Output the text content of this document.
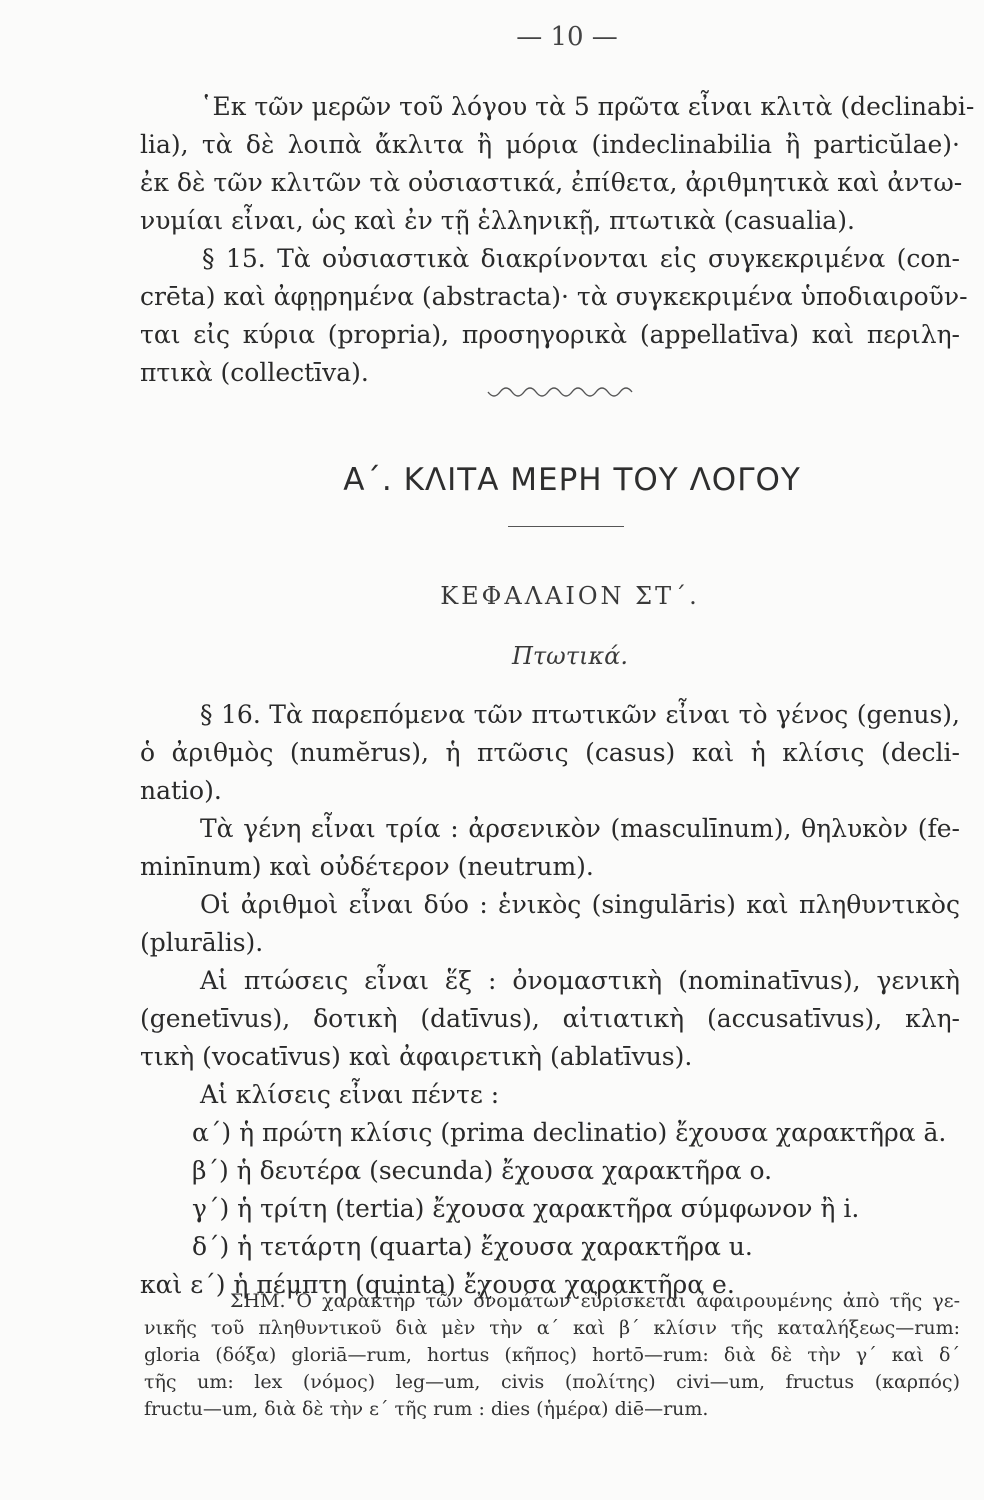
— 10 —
῾Εκ τῶν μερῶν τοῦ λόγου τὰ 5 πρῶτα εἶναι κλιτὰ (declinabi-
lia), τὰ δὲ λοιπὰ ἄκλιτα ἢ μόρια (indeclinabilia ἢ particŭlae)·
ἐκ δὲ τῶν κλιτῶν τὰ οὐσιαστικά, ἐπίθετα, ἀριθμητικὰ καὶ ἀντω-
νυμίαι εἶναι, ὡς καὶ ἐν τῇ ἑλληνικῇ, πτωτικὰ (casualia).
§ 15. Τὰ οὐσιαστικὰ διακρίνονται εἰς συγκεκριμένα (con-
crēta) καὶ ἀφῃρημένα (abstracta)· τὰ συγκεκριμένα ὑποδιαιροῦν-
ται εἰς κύρια (propria), προσηγορικὰ (appellatīva) καὶ περιλη-
πτικὰ (collectīva).
Α΄. ΚΛΙΤΑ ΜΕΡΗ ΤΟΥ ΛΟΓΟΥ
ΚΕΦΑΛΑΙΟΝ ΣΤ΄.
Πτωτικά.
§ 16. Τὰ παρεπόμενα τῶν πτωτικῶν εἶναι τὸ γένος (genus),
ὁ ἀριθμὸς (numĕrus), ἡ πτῶσις (casus) καὶ ἡ κλίσις (decli-
natio).
Τὰ γένη εἶναι τρία : ἀρσενικὸν (masculīnum), θηλυκὸν (fe-
minīnum) καὶ οὐδέτερον (neutrum).
Οἱ ἀριθμοὶ εἶναι δύο : ἑνικὸς (singulāris) καὶ πληθυντικὸς
(plurālis).
Αἱ πτώσεις εἶναι ἕξ : ὀνομαστικὴ (nominatīvus), γενικὴ
(genetīvus), δοτικὴ (datīvus), αἰτιατικὴ (accusatīvus), κλη-
τικὴ (vocatīvus) καὶ ἀφαιρετικὴ (ablatīvus).
Αἱ κλίσεις εἶναι πέντε :
α΄) ἡ πρώτη κλίσις (prima declinatio) ἔχουσα χαρακτῆρα ā.
β΄) ἡ δευτέρα (secunda) ἔχουσα χαρακτῆρα o.
γ΄) ἡ τρίτη (tertia) ἔχουσα χαρακτῆρα σύμφωνον ἢ i.
δ΄) ἡ τετάρτη (quarta) ἔχουσα χαρακτῆρα u.
καὶ ε΄) ἡ πέμπτη (quinta) ἔχουσα χαρακτῆρα e.
ΣΗΜ. Ὁ χαρακτὴρ τῶν ὀνομάτων εὑρίσκεται ἀφαιρουμένης ἀπὸ τῆς γε-
νικῆς τοῦ πληθυντικοῦ διὰ μὲν τὴν α΄ καὶ β΄ κλίσιν τῆς καταλήξεως—rum:
gloria (δόξα) gloriā—rum, hortus (κῆπος) hortō—rum: διὰ δὲ τὴν γ΄ καὶ δ΄
τῆς um: lex (νόμος) leg—um, civis (πολίτης) civi—um, fructus (καρπός)
fructu—um, διὰ δὲ τὴν ε΄ τῆς rum : dies (ἡμέρα) diē—rum.
